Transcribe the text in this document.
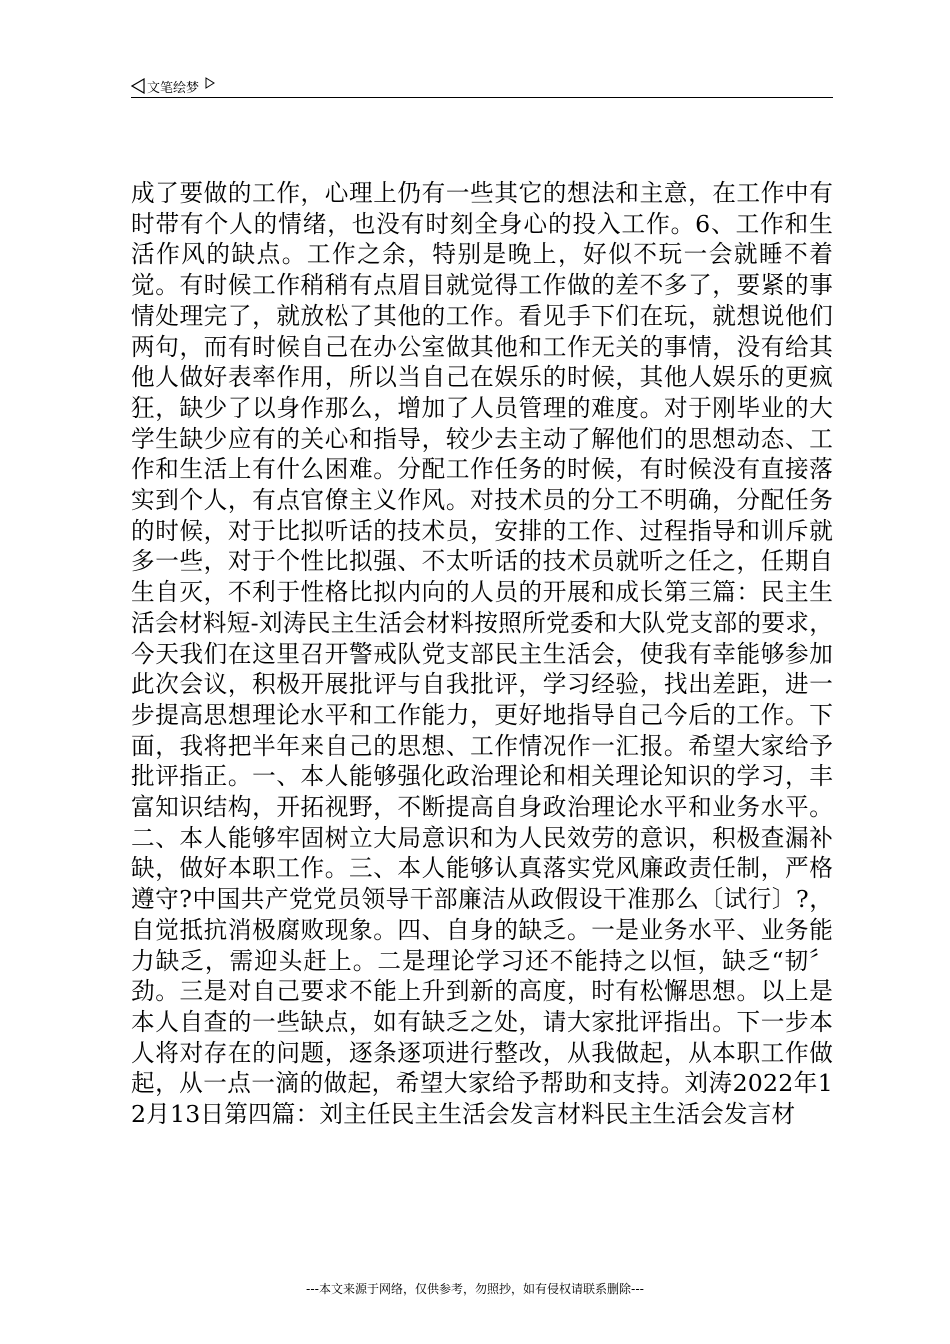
文笔绘梦

成了要做的工作，心理上仍有一些其它的想法和主意，在工作中有时带有个人的情绪，也没有时刻全身心的投入工作。6、工作和生活作风的缺点。工作之余，特别是晚上，好似不玩一会就睡不着觉。有时候工作稍稍有点眉目就觉得工作做的差不多了，要紧的事情处理完了，就放松了其他的工作。看见手下们在玩，就想说他们两句，而有时候自己在办公室做其他和工作无关的事情，没有给其他人做好表率作用，所以当自己在娱乐的时候，其他人娱乐的更疯狂，缺少了以身作那么，增加了人员管理的难度。对于刚毕业的大学生缺少应有的关心和指导，较少去主动了解他们的思想动态、工作和生活上有什么困难。分配工作任务的时候，有时候没有直接落实到个人，有点官僚主义作风。对技术员的分工不明确，分配任务的时候，对于比拟听话的技术员，安排的工作、过程指导和训斥就多一些，对于个性比拟强、不太听话的技术员就听之任之，任期自生自灭，不利于性格比拟内向的人员的开展和成长第三篇：民主生活会材料短-刘涛民主生活会材料按照所党委和大队党支部的要求，今天我们在这里召开警戒队党支部民主生活会，使我有幸能够参加此次会议，积极开展批评与自我批评，学习经验，找出差距，进一步提高思想理论水平和工作能力，更好地指导自己今后的工作。下面，我将把半年来自己的思想、工作情况作一汇报。希望大家给予批评指正。一、本人能够强化政治理论和相关理论知识的学习，丰富知识结构，开拓视野，不断提高自身政治理论水平和业务水平。二、本人能够牢固树立大局意识和为人民效劳的意识，积极查漏补缺，做好本职工作。三、本人能够认真落实党风廉政责任制，严格遵守?中国共产党党员领导干部廉洁从政假设干准那么〔试行〕?，自觉抵抗消极腐败现象。四、自身的缺乏。一是业务水平、业务能力缺乏，需迎头赶上。二是理论学习还不能持之以恒，缺乏“韧〞劲。三是对自己要求不能上升到新的高度，时有松懈思想。以上是本人自查的一些缺点，如有缺乏之处，请大家批评指出。下一步本人将对存在的问题，逐条逐项进行整改，从我做起，从本职工作做起，从一点一滴的做起，希望大家给予帮助和支持。刘涛2022年12月13日第四篇：刘主任民主生活会发言材料民主生活会发言材

---本文来源于网络，仅供参考，勿照抄，如有侵权请联系删除---
